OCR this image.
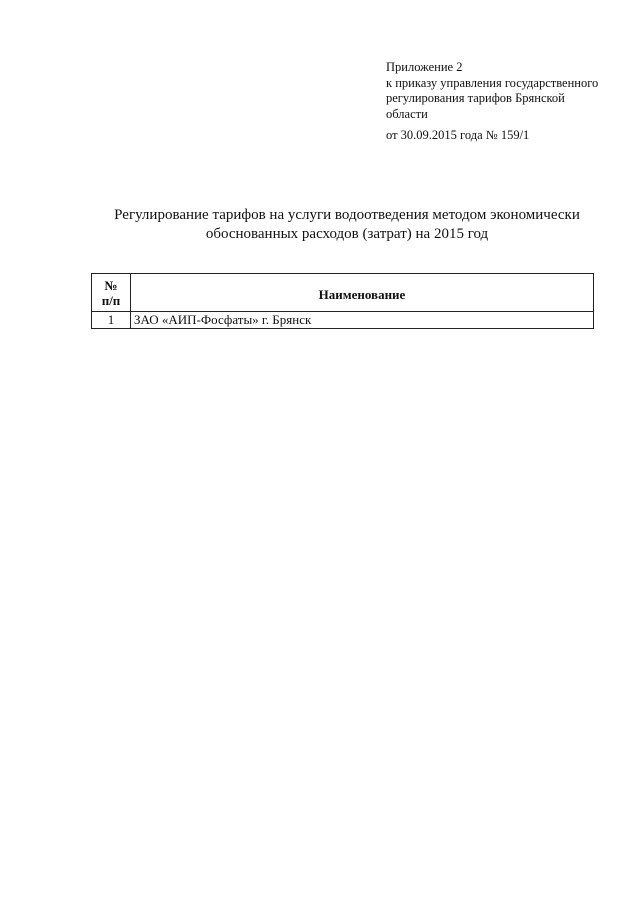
Приложение 2
к приказу управления государственного
регулирования тарифов Брянской
области
от 30.09.2015 года № 159/1
Регулирование тарифов на услуги водоотведения методом экономически
обоснованных расходов (затрат) на 2015 год
№
п/п	Наименование
1	ЗАО «АИП-Фосфаты» г. Брянск
